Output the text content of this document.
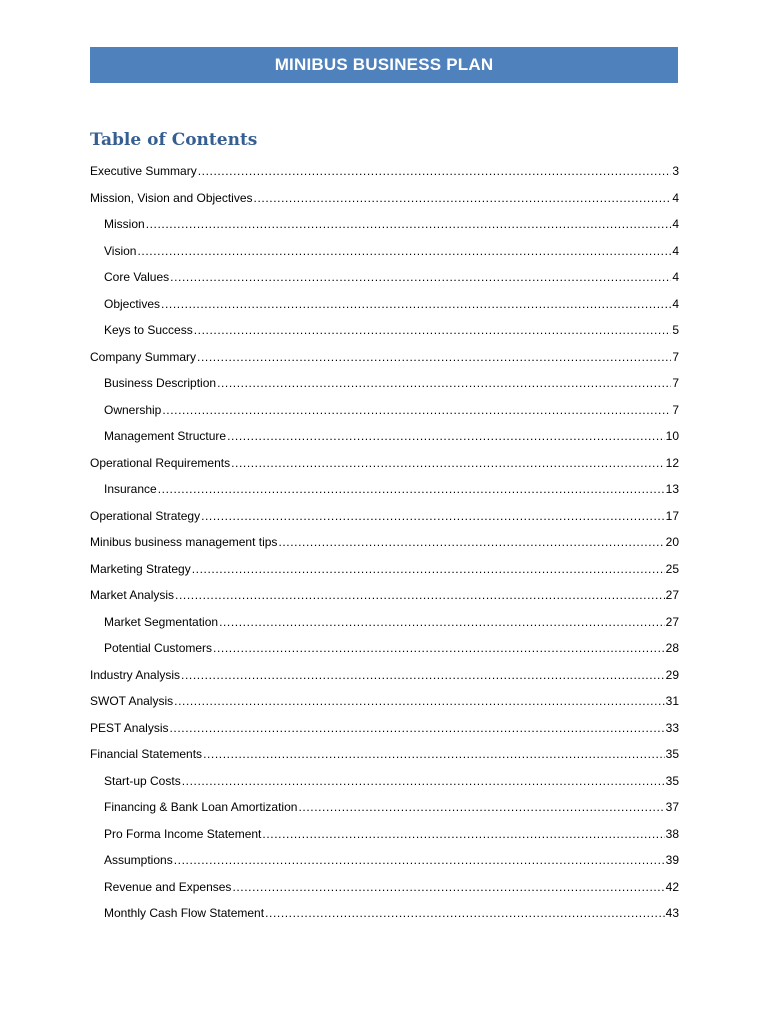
MINIBUS BUSINESS PLAN
Table of Contents
Executive Summary .....	3
Mission, Vision and Objectives .....	4
Mission .....	4
Vision .....	4
Core Values .....	4
Objectives .....	4
Keys to Success .....	5
Company Summary .....	7
Business Description .....	7
Ownership .....	7
Management Structure .....	10
Operational Requirements .....	12
Insurance .....	13
Operational Strategy .....	17
Minibus business management tips .....	20
Marketing Strategy .....	25
Market Analysis .....	27
Market Segmentation .....	27
Potential Customers .....	28
Industry Analysis .....	29
SWOT Analysis .....	31
PEST Analysis .....	33
Financial Statements .....	35
Start-up Costs .....	35
Financing & Bank Loan Amortization .....	37
Pro Forma Income Statement .....	38
Assumptions .....	39
Revenue and Expenses .....	42
Monthly Cash Flow Statement .....	43
